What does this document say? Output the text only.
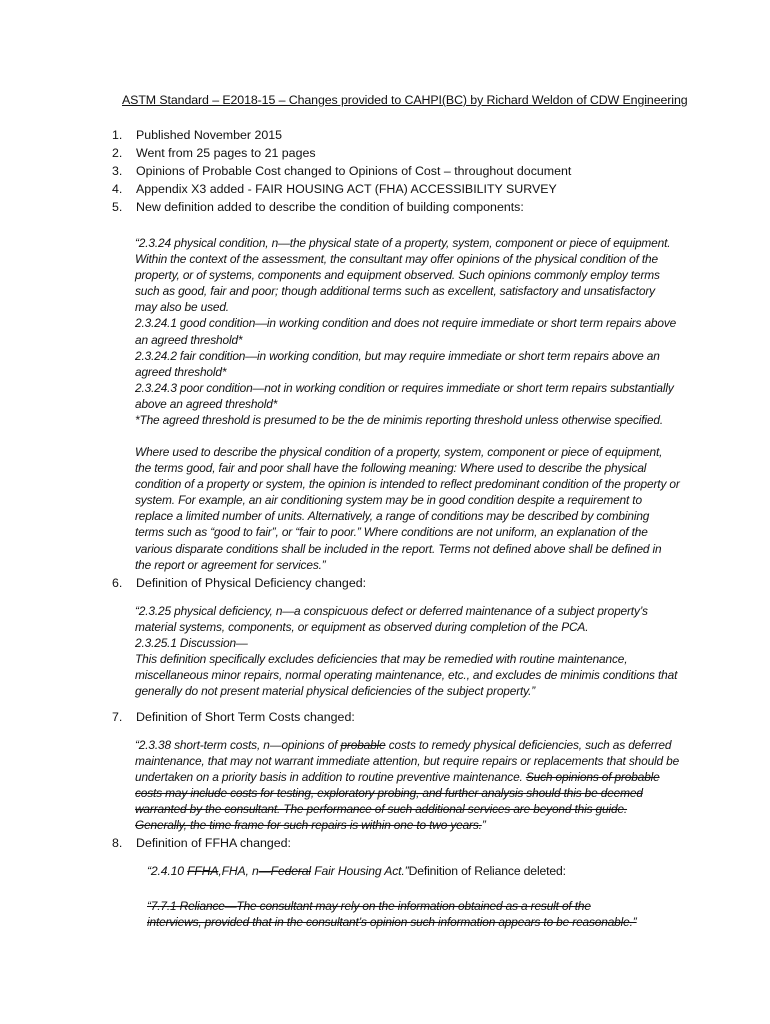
ASTM Standard – E2018-15 – Changes provided to CAHPI(BC) by Richard Weldon of CDW Engineering
1. Published November 2015
2. Went from 25 pages to 21 pages
3. Opinions of Probable Cost changed to Opinions of Cost – throughout document
4. Appendix X3 added - FAIR HOUSING ACT (FHA) ACCESSIBILITY SURVEY
5. New definition added to describe the condition of building components:

“2.3.24 physical condition, n—the physical state of a property, system, component or piece of equipment. Within the context of the assessment, the consultant may offer opinions of the physical condition of the property, or of systems, components and equipment observed. Such opinions commonly employ terms such as good, fair and poor; though additional terms such as excellent, satisfactory and unsatisfactory may also be used.

2.3.24.1 good condition—in working condition and does not require immediate or short term repairs above an agreed threshold*

2.3.24.2 fair condition—in working condition, but may require immediate or short term repairs above an agreed threshold*

2.3.24.3 poor condition—not in working condition or requires immediate or short term repairs substantially above an agreed threshold*

*The agreed threshold is presumed to be the de minimis reporting threshold unless otherwise specified.

Where used to describe the physical condition of a property, system, component or piece of equipment, the terms good, fair and poor shall have the following meaning: Where used to describe the physical condition of a property or system, the opinion is intended to reflect predominant condition of the property or system. For example, an air conditioning system may be in good condition despite a requirement to replace a limited number of units. Alternatively, a range of conditions may be described by combining terms such as “good to fair”, or “fair to poor.” Where conditions are not uniform, an explanation of the various disparate conditions shall be included in the report. Terms not defined above shall be defined in the report or agreement for services.”

6. Definition of Physical Deficiency changed:

“2.3.25 physical deficiency, n—a conspicuous defect or deferred maintenance of a subject property’s material systems, components, or equipment as observed during completion of the PCA.

2.3.25.1 Discussion—

This definition specifically excludes deficiencies that may be remedied with routine maintenance, miscellaneous minor repairs, normal operating maintenance, etc., and excludes de minimis conditions that generally do not present material physical deficiencies of the subject property.”

7. Definition of Short Term Costs changed:

“2.3.38 short-term costs, n—opinions of probable costs to remedy physical deficiencies, such as deferred maintenance, that may not warrant immediate attention, but require repairs or replacements that should be undertaken on a priority basis in addition to routine preventive maintenance. Such opinions of probable costs may include costs for testing, exploratory probing, and further analysis should this be deemed warranted by the consultant. The performance of such additional services are beyond this guide. Generally, the time frame for such repairs is within one to two years.”

8. Definition of FFHA changed:
“2.4.10 FFHA,FHA, n—Federal Fair Housing Act.”Definition of Reliance deleted:

“7.7.1 Reliance—The consultant may rely on the information obtained as a result of the interviews, provided that in the consultant’s opinion such information appears to be reasonable.”
